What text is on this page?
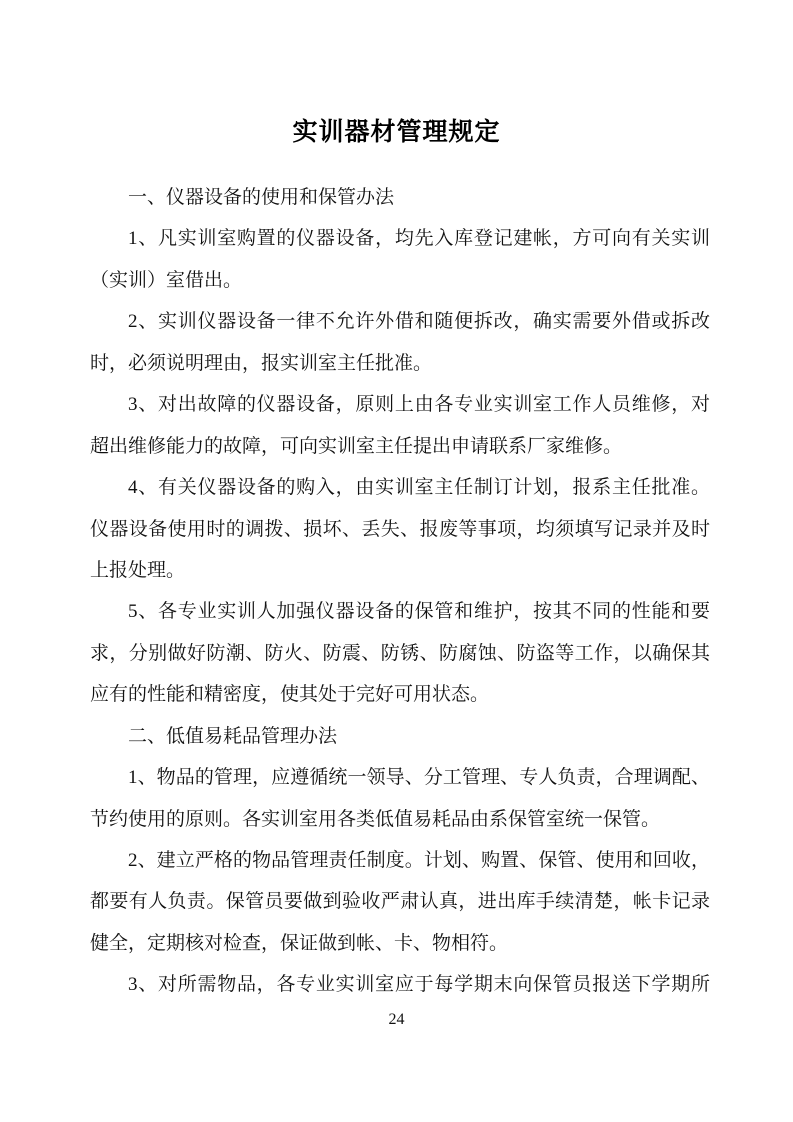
实训器材管理规定
一、仪器设备的使用和保管办法
1、凡实训室购置的仪器设备，均先入库登记建帐，方可向有关实训
（实训）室借出。
2、实训仪器设备一律不允许外借和随便拆改，确实需要外借或拆改
时，必须说明理由，报实训室主任批准。
3、对出故障的仪器设备，原则上由各专业实训室工作人员维修，对
超出维修能力的故障，可向实训室主任提出申请联系厂家维修。
4、有关仪器设备的购入，由实训室主任制订计划，报系主任批准。
仪器设备使用时的调拨、损坏、丢失、报废等事项，均须填写记录并及时
上报处理。
5、各专业实训人加强仪器设备的保管和维护，按其不同的性能和要
求，分别做好防潮、防火、防震、防锈、防腐蚀、防盗等工作，以确保其
应有的性能和精密度，使其处于完好可用状态。
二、低值易耗品管理办法
1、物品的管理，应遵循统一领导、分工管理、专人负责，合理调配、
节约使用的原则。各实训室用各类低值易耗品由系保管室统一保管。
2、建立严格的物品管理责任制度。计划、购置、保管、使用和回收，
都要有人负责。保管员要做到验收严肃认真，进出库手续清楚，帐卡记录
健全，定期核对检查，保证做到帐、卡、物相符。
3、对所需物品，各专业实训室应于每学期末向保管员报送下学期所
24
